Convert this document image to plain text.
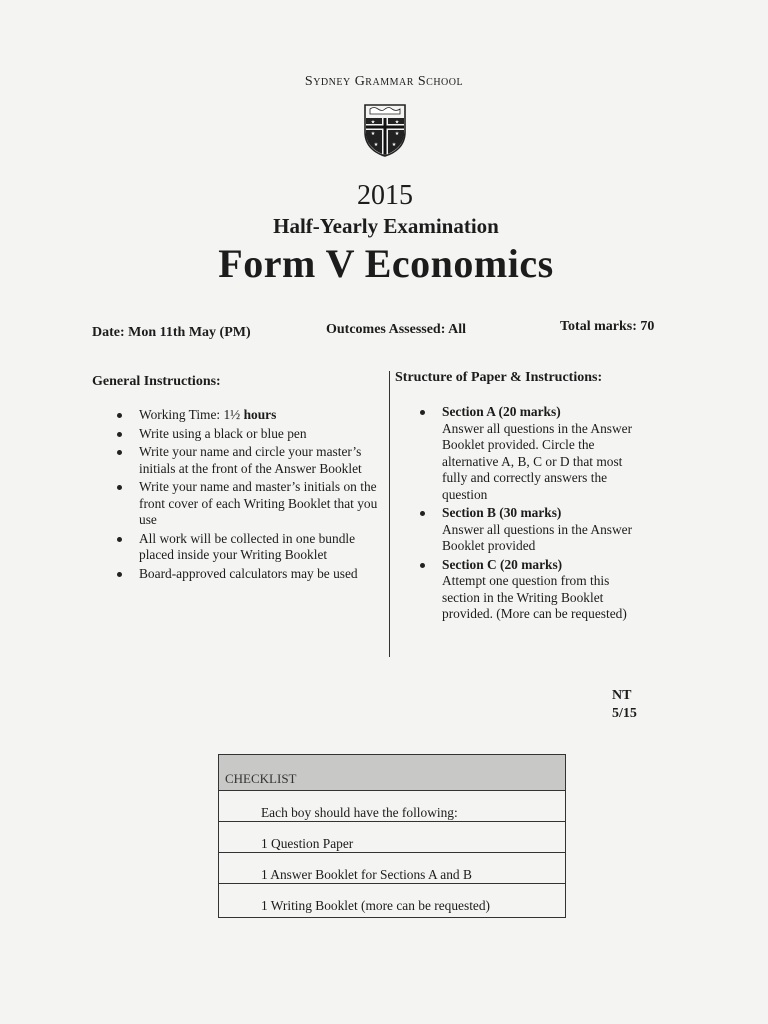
Sydney Grammar School
★	★
★	★
★	★
2015
Half-Yearly Examination
Form V Economics
Date: Mon 11th May (PM)	Outcomes Assessed: All	Total marks: 70
General Instructions:	Structure of Paper & Instructions:
Working Time: 1½ hours
Write using a black or blue pen
Write your name and circle your master’s initials at the front of the Answer Booklet
Write your name and master’s initials on the front cover of each Writing Booklet that you use
All work will be collected in one bundle placed inside your Writing Booklet
Board-approved calculators may be used
Section A (20 marks)
Answer all questions in the Answer Booklet provided. Circle the alternative A, B, C or D that most fully and correctly answers the question
Section B (30 marks)
Answer all questions in the Answer Booklet provided
Section C (20 marks)
Attempt one question from this section in the Writing Booklet provided. (More can be requested)
NT
5/15
CHECKLIST
Each boy should have the following:
1 Question Paper
1 Answer Booklet for Sections A and B
1 Writing Booklet (more can be requested)
